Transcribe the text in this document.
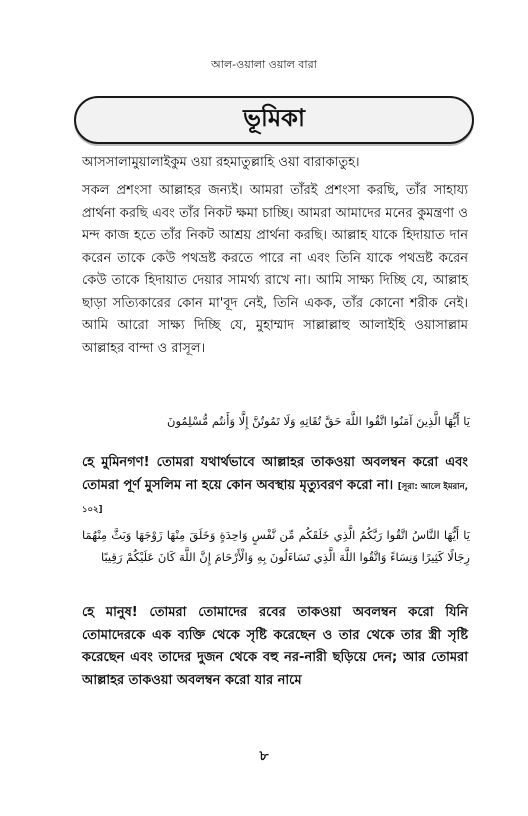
আল-ওয়ালা ওয়াল বারা
ভূমিকা
আসসালামুয়ালাইকুম ওয়া রহমাতুল্লাহি ওয়া বারাকাতুহ।
সকল প্রশংসা আল্লাহর জন্যই। আমরা তাঁরই প্রশংসা করছি, তাঁর সাহায্য প্রার্থনা করছি এবং তাঁর নিকট ক্ষমা চাচ্ছি। আমরা আমাদের মনের কুমন্ত্রণা ও মন্দ কাজ হতে তাঁর নিকট আশ্রয় প্রার্থনা করছি। আল্লাহ যাকে হিদায়াত দান করেন তাকে কেউ পথভ্রষ্ট করতে পারে না এবং তিনি যাকে পথভ্রষ্ট করেন কেউ তাকে হিদায়াত দেয়ার সামর্থ্য রাখে না। আমি সাক্ষ্য দিচ্ছি যে, আল্লাহ ছাড়া সত্যিকারের কোন মা'বূদ নেই, তিনি একক, তাঁর কোনো শরীক নেই। আমি আরো সাক্ষ্য দিচ্ছি যে, মুহাম্মাদ সাল্লাল্লাহু আলাইহি ওয়াসাল্লাম আল্লাহর বান্দা ও রাসূল।
يَا أَيُّهَا الَّذِينَ آمَنُوا اتَّقُوا اللَّهَ حَقَّ تُقَاتِهِ وَلَا تَمُوتُنَّ إِلَّا وَأَنتُم مُّسْلِمُونَ
হে মুমিনগণ! তোমরা যথার্থভাবে আল্লাহর তাকওয়া অবলম্বন করো এবং তোমরা পূর্ণ মুসলিম না হয়ে কোন অবস্থায় মৃত্যুবরণ করো না। [সূরা: আলে ইমরান, ১০২]
يَا أَيُّهَا النَّاسُ اتَّقُوا رَبَّكُمُ الَّذِي خَلَقَكُم مِّن نَّفْسٍ وَاحِدَةٍ وَخَلَقَ مِنْهَا زَوْجَهَا وَبَثَّ مِنْهُمَا رِجَالًا كَثِيرًا وَنِسَاءً وَاتَّقُوا اللَّهَ الَّذِي تَسَاءَلُونَ بِهِ وَالْأَرْحَامَ إِنَّ اللَّهَ كَانَ عَلَيْكُمْ رَقِيبًا
হে মানুষ! তোমরা তোমাদের রবের তাকওয়া অবলম্বন করো যিনি তোমাদেরকে এক ব্যক্তি থেকে সৃষ্টি করেছেন ও তার থেকে তার স্ত্রী সৃষ্টি করেছেন এবং তাদের দুজন থেকে বহু নর-নারী ছড়িয়ে দেন; আর তোমরা আল্লাহর তাকওয়া অবলম্বন করো যার নামে
৮
